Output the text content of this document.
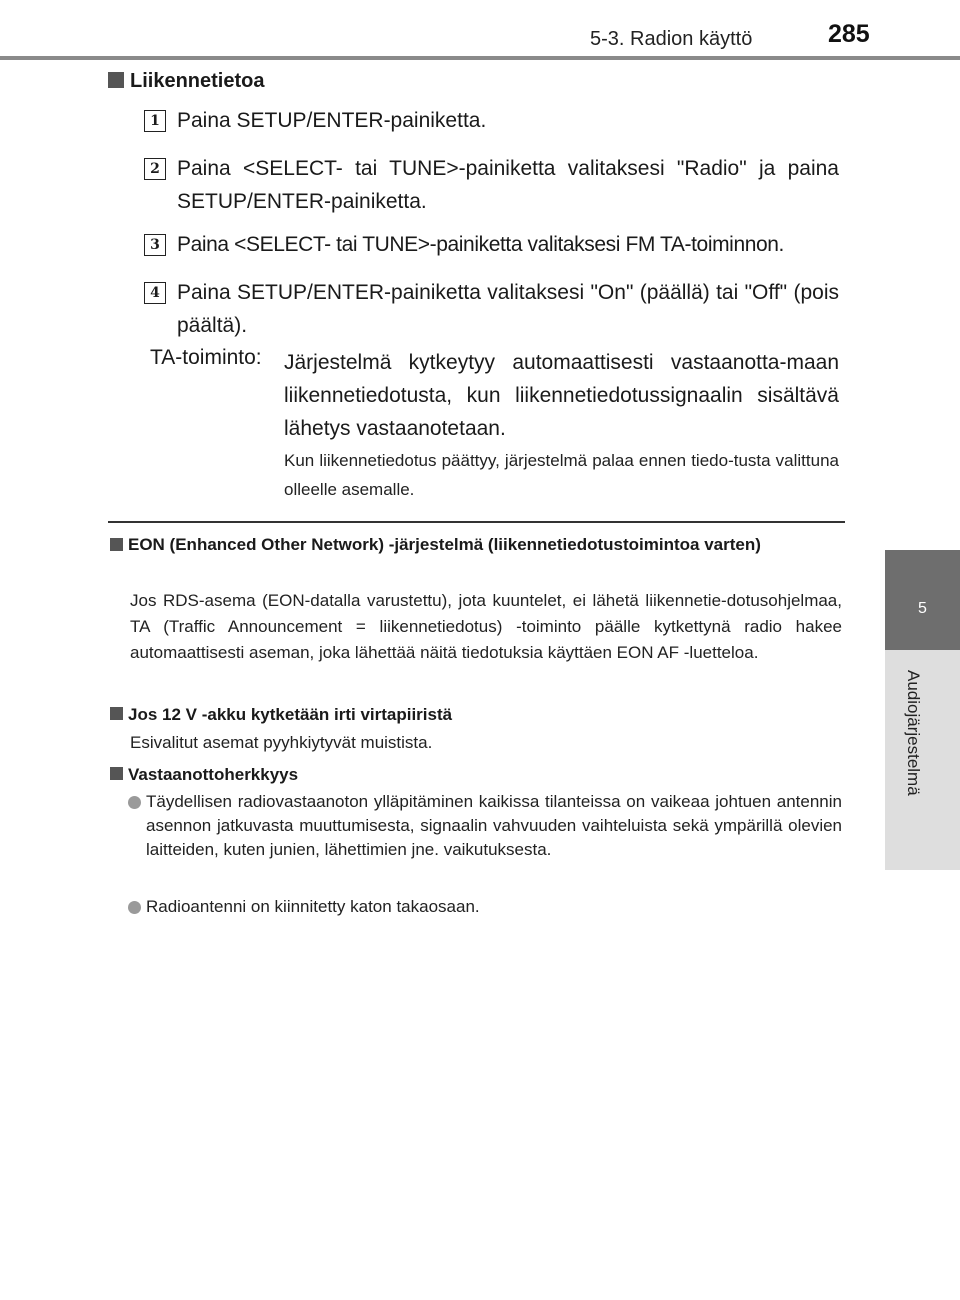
5-3. Radion käyttö	285
5
Audiojärjestelmä
Liikennetietoa
1 Paina SETUP/ENTER-painiketta.
2 Paina <SELECT- tai TUNE>-painiketta valitaksesi "Radio" ja paina SETUP/ENTER-painiketta.
3 Paina <SELECT- tai TUNE>-painiketta valitaksesi FM TA-toiminnon.
4 Paina SETUP/ENTER-painiketta valitaksesi "On" (päällä) tai "Off" (pois päältä).
TA-toiminto: Järjestelmä kytkeytyy automaattisesti vastaanotta-maan liikennetiedotusta, kun liikennetiedotussignaalin sisältävä lähetys vastaanotetaan.
Kun liikennetiedotus päättyy, järjestelmä palaa ennen tiedo-tusta valittuna olleelle asemalle.
EON (Enhanced Other Network) -järjestelmä (liikennetiedotustoimintoa varten)
Jos RDS-asema (EON-datalla varustettu), jota kuuntelet, ei lähetä liikennetie-dotusohjelmaa, TA (Traffic Announcement = liikennetiedotus) -toiminto päälle kytkettynä radio hakee automaattisesti aseman, joka lähettää näitä tiedotuksia käyttäen EON AF -luetteloa.
Jos 12 V -akku kytketään irti virtapiiristä
Esivalitut asemat pyyhkiytyvät muistista.
Vastaanottoherkkyys
Täydellisen radiovastaanoton ylläpitäminen kaikissa tilanteissa on vaikeaa johtuen antennin asennon jatkuvasta muuttumisesta, signaalin vahvuuden vaihteluista sekä ympärillä olevien laitteiden, kuten junien, lähettimien jne. vaikutuksesta.
Radioantenni on kiinnitetty katon takaosaan.
